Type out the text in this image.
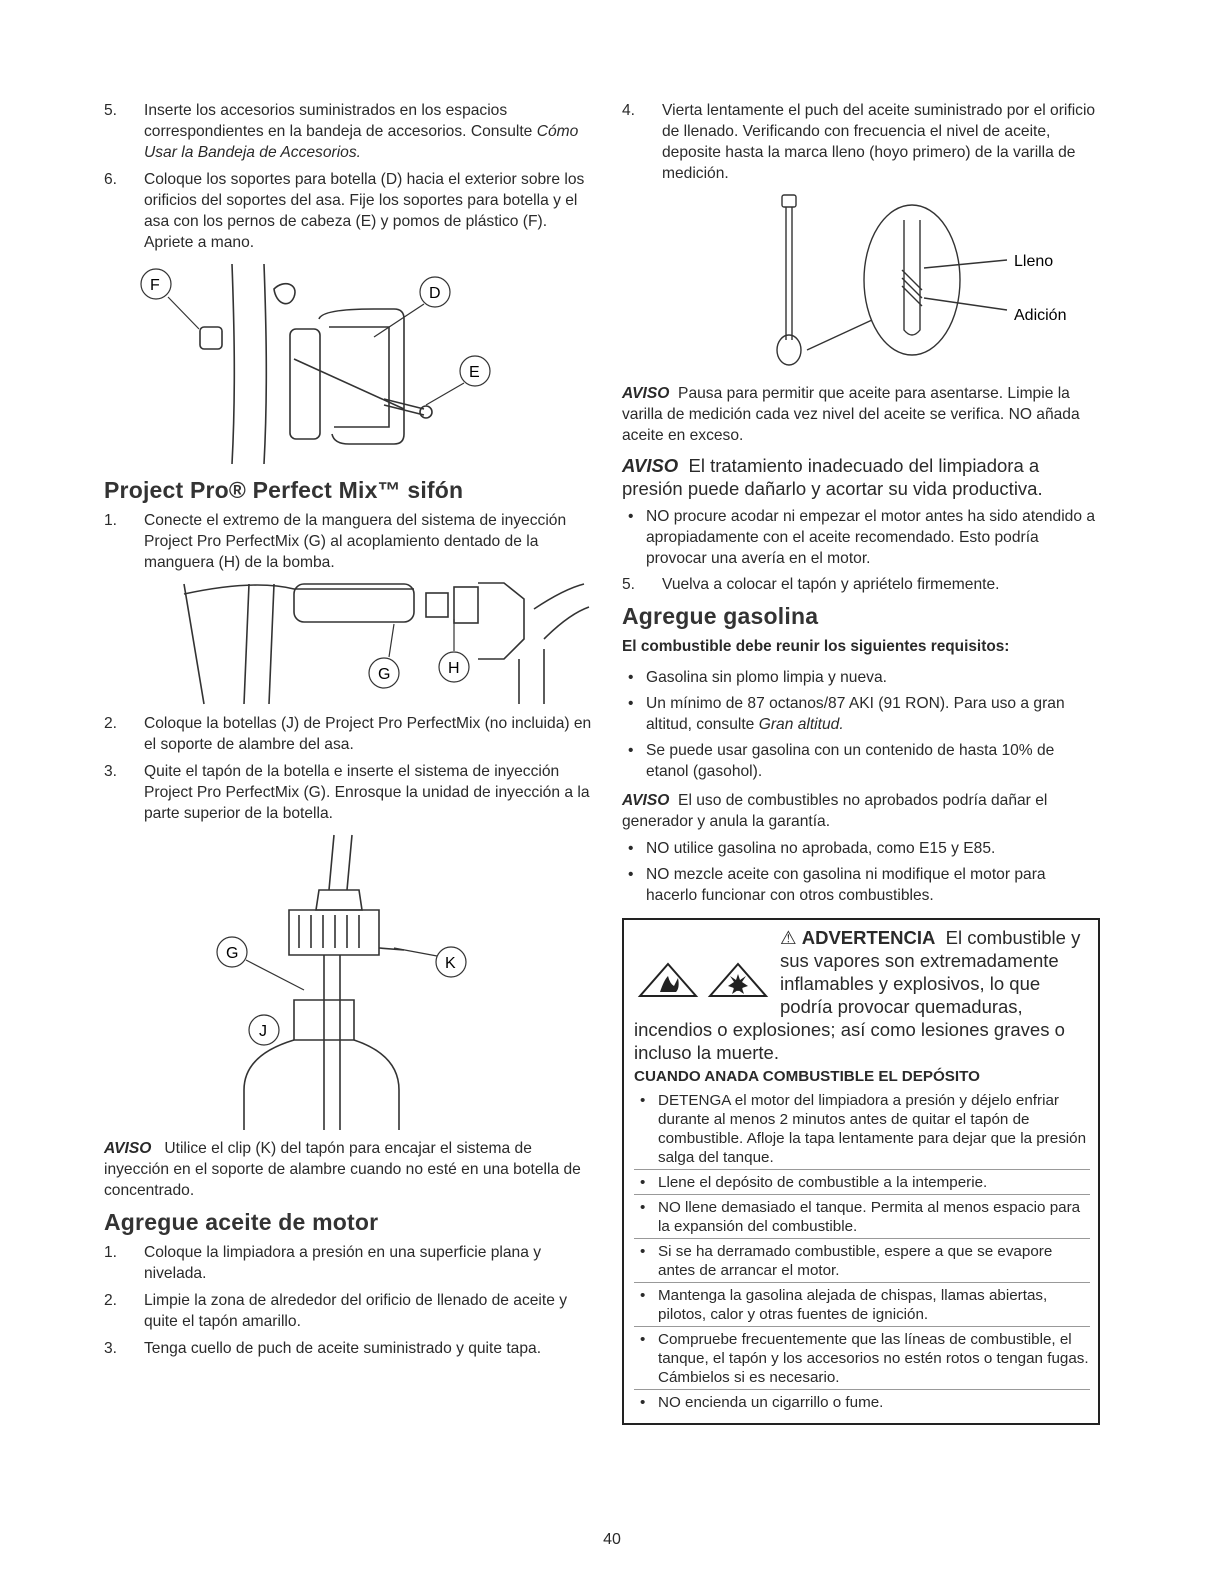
5. Inserte los accesorios suministrados en los espacios correspondientes en la bandeja de accesorios. Consulte Cómo Usar la Bandeja de Accesorios.
6. Coloque los soportes para botella (D) hacia el exterior sobre los orificios del soportes del asa. Fije los soportes para botella y el asa con los pernos de cabeza (E) y pomos de plástico (F). Apriete a mano.
F	D
E
Project Pro® Perfect Mix™ sifón
1. Conecte el extremo de la manguera del sistema de inyección Project Pro PerfectMix (G) al acoplamiento dentado de la manguera (H) de la bomba.
G	H
2. Coloque la botellas (J) de Project Pro PerfectMix (no incluida) en el soporte de alambre del asa.
3. Quite el tapón de la botella e inserte el sistema de inyección Project Pro PerfectMix (G). Enrosque la unidad de inyección a la parte superior de la botella.
G
K
J

AVISO Utilice el clip (K) del tapón para encajar el sistema de inyección en el soporte de alambre cuando no esté en una botella de concentrado.

Agregue aceite de motor
1. Coloque la limpiadora a presión en una superficie plana y nivelada.
2. Limpie la zona de alrededor del orificio de llenado de aceite y quite el tapón amarillo.
3. Tenga cuello de puch de aceite suministrado y quite tapa.
4. Vierta lentamente el puch del aceite suministrado por el orificio de llenado. Verificando con frecuencia el nivel de aceite, deposite hasta la marca lleno (hoyo primero) de la varilla de medición.
Lleno
Adición

AVISO Pausa para permitir que aceite para asentarse. Limpie la varilla de medición cada vez nivel del aceite se verifica. NO añada aceite en exceso.

AVISO El tratamiento inadecuado del limpiadora a presión puede dañarlo y acortar su vida productiva.

• NO procure acodar ni empezar el motor antes ha sido atendido a apropiadamente con el aceite recomendado. Esto podría provocar una avería en el motor.
5. Vuelva a colocar el tapón y apriételo firmemente.
Agregue gasolina

El combustible debe reunir los siguientes requisitos:

• Gasolina sin plomo limpia y nueva.
• Un mínimo de 87 octanos/87 AKI (91 RON). Para uso a gran altitud, consulte Gran altitud.
• Se puede usar gasolina con un contenido de hasta 10% de etanol (gasohol).

AVISO El uso de combustibles no aprobados podría dañar el generador y anula la garantía.

• NO utilice gasolina no aprobada, como E15 y E85.
• NO mezcle aceite con gasolina ni modifique el motor para hacerlo funcionar con otros combustibles.
⚠ ADVERTENCIA El combustible y sus vapores son extremadamente inflamables y explosivos, lo que podría provocar quemaduras, incendios o explosiones; así como lesiones graves o incluso la muerte.
CUANDO ANADA COMBUSTIBLE EL DEPÓSITO
• DETENGA el motor del limpiadora a presión y déjelo enfriar durante al menos 2 minutos antes de quitar el tapón de combustible. Afloje la tapa lentamente para dejar que la presión salga del tanque.
• Llene el depósito de combustible a la intemperie.
• NO llene demasiado el tanque. Permita al menos espacio para la expansión del combustible.
• Si se ha derramado combustible, espere a que se evapore antes de arrancar el motor.
• Mantenga la gasolina alejada de chispas, llamas abiertas, pilotos, calor y otras fuentes de ignición.
• Compruebe frecuentemente que las líneas de combustible, el tanque, el tapón y los accesorios no estén rotos o tengan fugas. Cámbielos si es necesario.
• NO encienda un cigarrillo o fume.
40
